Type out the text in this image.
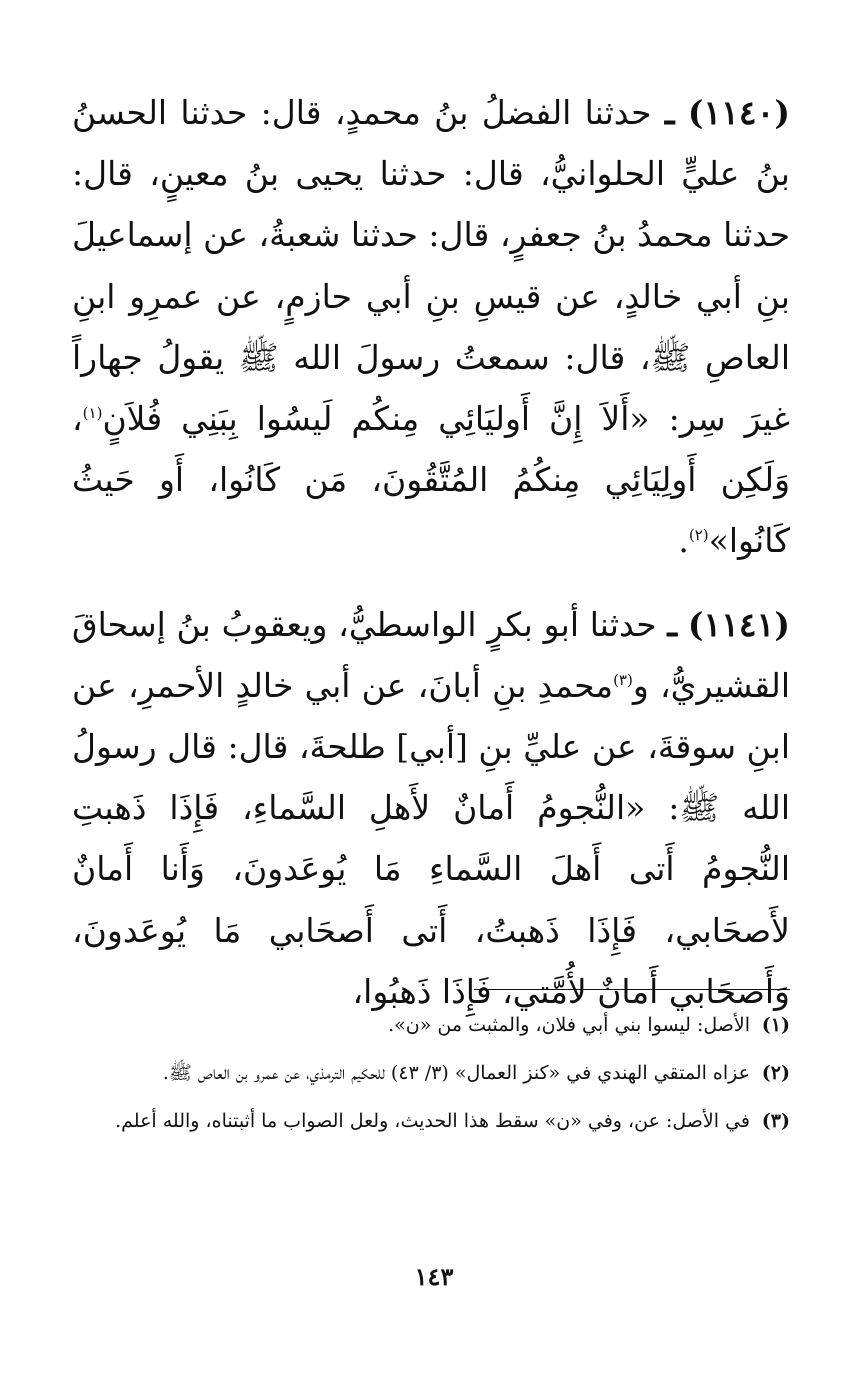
(١١٤٠) ـ حدثنا الفضلُ بنُ محمدٍ، قال: حدثنا الحسنُ بنُ عليٍّ الحلوانيُّ، قال: حدثنا يحيى بنُ معينٍ، قال: حدثنا محمدُ بنُ جعفرٍ، قال: حدثنا شعبةُ، عن إسماعيلَ بنِ أبي خالدٍ، عن قيسِ بنِ أبي حازمٍ، عن عمرِو ابنِ العاصِ ﷺ، قال: سمعتُ رسولَ الله ﷺ يقولُ جهاراً غيرَ سِر: «أَلاَ إِنَّ أَوليَائِي مِنكُم لَيسُوا بِبَنِي فُلاَنٍ$^{(١)}$، وَلَكِن أَولِيَائِي مِنكُمُ المُتَّقُونَ، مَن كَانُوا، أَو حَيثُ كَانُوا»$^{(٢)}$.

(١١٤١) ـ حدثنا أبو بكرٍ الواسطيُّ، ويعقوبُ بنُ إسحاقَ القشيريُّ، و$^{(٣)}$محمدِ بنِ أبانَ، عن أبي خالدٍ الأحمرِ، عن ابنِ سوقةَ، عن عليِّ بنِ [أبي] طلحةَ، قال: قال رسولُ الله ﷺ: «النُّجومُ أَمانٌ لأَهلِ السَّماءِ، فَإِذَا ذَهبتِ النُّجومُ أَتى أَهلَ السَّماءِ مَا يُوعَدونَ، وَأَنا أَمانٌ لأَصحَابي، فَإِذَا ذَهبتُ، أَتى أَصحَابي مَا يُوعَدونَ، وَأَصحَابي أَمانٌ لأُمَّتي، فَإِذَا ذَهبُوا،

(١)
الأصل: ليسوا بني أبي فلان، والمثبت من «ن».
(٢)
عزاه المتقي الهندي في «كنز العمال» (٣/ ٤٣) للحكيم الترمذي، عن عمرو بن العاص ﷺ.
(٣)
في الأصل: عن، وفي «ن» سقط هذا الحديث، ولعل الصواب ما أثبتناه، والله أعلم.
١٤٣
